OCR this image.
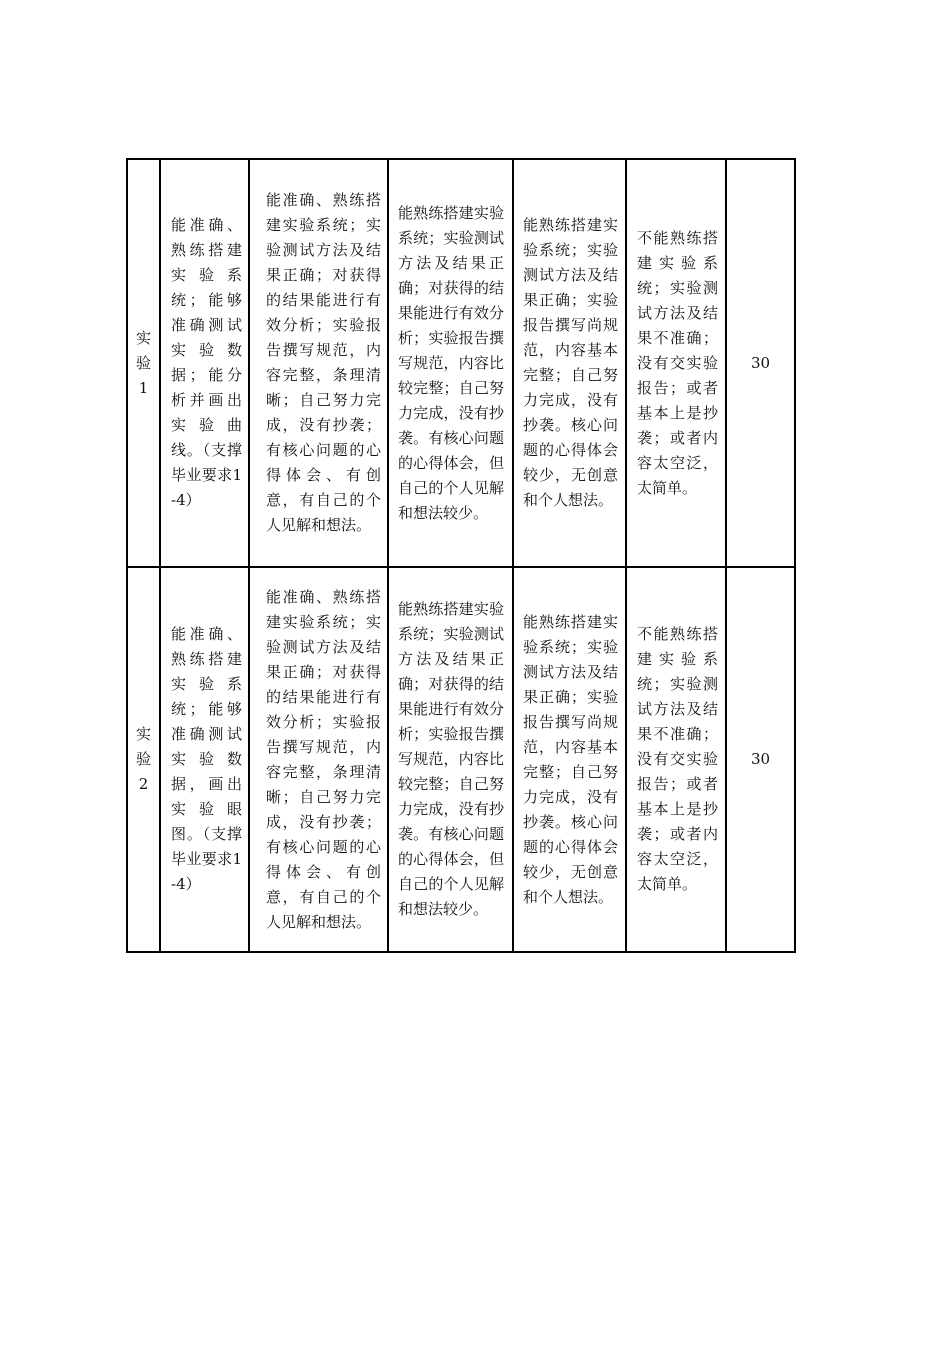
实
验
1	能准确、熟练搭建实验系统；能够准确测试实验数据；能分析并画出实验曲线。（支撑毕业要求1-4）	能准确、熟练搭建实验系统；实验测试方法及结果正确；对获得的结果能进行有效分析；实验报告撰写规范，内容完整，条理清晰；自己努力完成，没有抄袭；有核心问题的心得体会、有创意，有自己的个人见解和想法。	能熟练搭建实验系统；实验测试方法及结果正确；对获得的结果能进行有效分析；实验报告撰写规范，内容比较完整；自己努力完成，没有抄袭。有核心问题的心得体会，但自己的个人见解和想法较少。	能熟练搭建实验系统；实验测试方法及结果正确；实验报告撰写尚规范，内容基本完整；自己努力完成，没有抄袭。核心问题的心得体会较少，无创意和个人想法。	不能熟练搭建实验系统；实验测试方法及结果不准确；没有交实验报告；或者基本上是抄袭；或者内容太空泛，太简单。	30

实
验
2	能准确、熟练搭建实验系统；能够准确测试实验数据，画出实验眼图。（支撑毕业要求1-4）	能准确、熟练搭建实验系统；实验测试方法及结果正确；对获得的结果能进行有效分析；实验报告撰写规范，内容完整，条理清晰；自己努力完成，没有抄袭；有核心问题的心得体会、有创意，有自己的个人见解和想法。	能熟练搭建实验系统；实验测试方法及结果正确；对获得的结果能进行有效分析；实验报告撰写规范，内容比较完整；自己努力完成，没有抄袭。有核心问题的心得体会，但自己的个人见解和想法较少。	能熟练搭建实验系统；实验测试方法及结果正确；实验报告撰写尚规范，内容基本完整；自己努力完成，没有抄袭。核心问题的心得体会较少，无创意和个人想法。	不能熟练搭建实验系统；实验测试方法及结果不准确；没有交实验报告；或者基本上是抄袭；或者内容太空泛，太简单。	30
